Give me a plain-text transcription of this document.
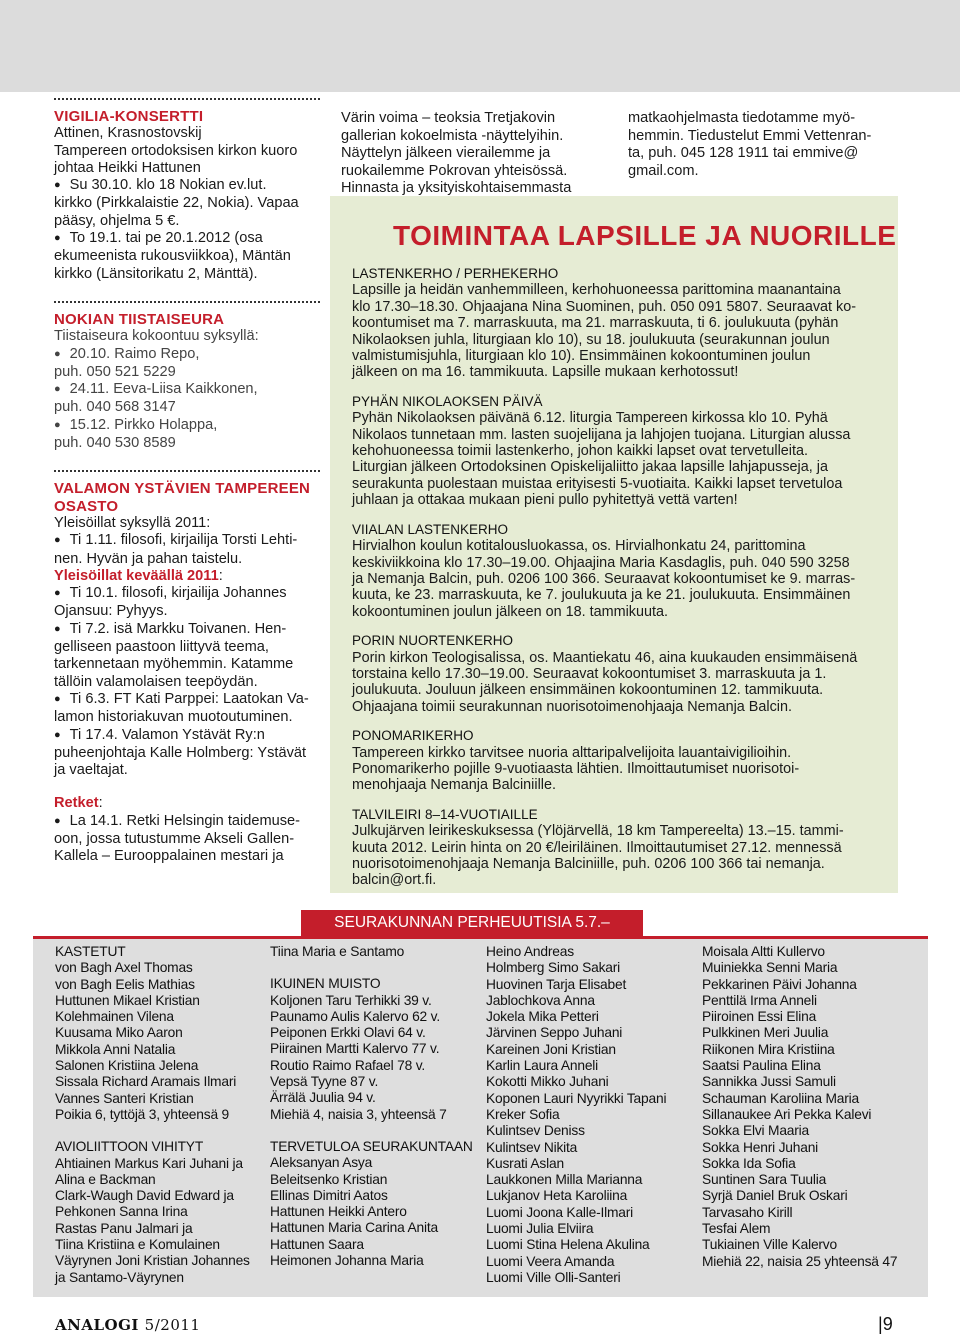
VIGILIA-KONSERTTI

Attinen, Krasnostovskij
Tampereen ortodoksisen kirkon kuoro
johtaa Heikki Hattunen

● Su 30.10. klo 18 Nokian ev.lut.
kirkko (Pirkkalaistie 22, Nokia). Vapaa
pääsy, ohjelma 5 €.

● To 19.1. tai pe 20.1.2012 (osa
ekumeenista rukousviikkoa), Mäntän
kirkko (Länsitorikatu 2, Mänttä).

NOKIAN TIISTAISEURA

Tiistaiseura kokoontuu syksyllä:

● 20.10. Raimo Repo,
puh. 050 521 5229

● 24.11. Eeva-Liisa Kaikkonen,
puh. 040 568 3147

● 15.12. Pirkko Holappa,
puh. 040 530 8589

VALAMON YSTÄVIEN TAMPEREEN OSASTO

Yleisöillat syksyllä 2011:

● Ti 1.11. filosofi, kirjailija Torsti Lehti-
nen. Hyvän ja pahan taistelu.

Yleisöillat keväällä 2011:

● Ti 10.1. filosofi, kirjailija Johannes
Ojansuu: Pyhyys.

● Ti 7.2. isä Markku Toivanen. Hen-
gelliseen paastoon liittyvä teema,
tarkennetaan myöhemmin. Katamme
tällöin valamolaisen teepöydän.

● Ti 6.3. FT Kati Parppei: Laatokan Va-
lamon historiakuvan muotoutuminen.

● Ti 17.4. Valamon Ystävät Ry:n
puheenjohtaja Kalle Holmberg: Ystävät
ja vaeltajat.

Retket:

● La 14.1. Retki Helsingin taidemuse-
oon, jossa tutustumme Akseli Gallen-
Kallela – Eurooppalainen mestari ja

Värin voima – teoksia Tretjakovin
gallerian kokoelmista -näyttelyihin.
Näyttelyn jälkeen vierailemme ja
ruokailemme Pokrovan yhteisössä.
Hinnasta ja yksityiskohtaisemmasta
matkaohjelmasta tiedotamme myö-
hemmin. Tiedustelut Emmi Vettenran-
ta, puh. 045 128 1911 tai emmive@
gmail.com.
TOIMINTAA LAPSILLE JA NUORILLE
LASTENKERHO / PERHEKERHO
Lapsille ja heidän vanhemmilleen, kerhohuoneessa parittomina maanantaina
klo 17.30–18.30. Ohjaajana Nina Suominen, puh. 050 091 5807. Seuraavat ko-
koontumiset ma 7. marraskuuta, ma 21. marraskuuta, ti 6. joulukuuta (pyhän
Nikolaoksen juhla, liturgiaan klo 10), su 18. joulukuuta (seurakunnan joulun
valmistumisjuhla, liturgiaan klo 10). Ensimmäinen kokoontuminen joulun
jälkeen on ma 16. tammikuuta. Lapsille mukaan kerhotossut!
PYHÄN NIKOLAOKSEN PÄIVÄ
Pyhän Nikolaoksen päivänä 6.12. liturgia Tampereen kirkossa klo 10. Pyhä
Nikolaos tunnetaan mm. lasten suojelijana ja lahjojen tuojana. Liturgian alussa
kehohuoneessa toimii lastenkerho, johon kaikki lapset ovat tervetulleita.
Liturgian jälkeen Ortodoksinen Opiskelijaliitto jakaa lapsille lahjapusseja, ja
seurakunta puolestaan muistaa erityisesti 5-vuotiaita. Kaikki lapset tervetuloa
juhlaan ja ottakaa mukaan pieni pullo pyhitettyä vettä varten!
VIIALAN LASTENKERHO
Hirvialhon koulun kotitalousluokassa, os. Hirvialhonkatu 24, parittomina
keskiviikkoina klo 17.30–19.00. Ohjaajina Maria Kasdaglis, puh. 040 590 3258
ja Nemanja Balcin, puh. 0206 100 366. Seuraavat kokoontumiset ke 9. marras-
kuuta, ke 23. marraskuuta, ke 7. joulukuuta ja ke 21. joulukuuta. Ensimmäinen
kokoontuminen joulun jälkeen on 18. tammikuuta.
PORIN NUORTENKERHO
Porin kirkon Teologisalissa, os. Maantiekatu 46, aina kuukauden ensimmäisenä
torstaina kello 17.30–19.00. Seuraavat kokoontumiset 3. marraskuuta ja 1.
joulukuuta. Jouluun jälkeen ensimmäinen kokoontuminen 12. tammikuuta.
Ohjaajana toimii seurakunnan nuorisotoimenohjaaja Nemanja Balcin.
PONOMARIKERHO
Tampereen kirkko tarvitsee nuoria alttaripalvelijoita lauantaivigilioihin.
Ponomarikerho pojille 9-vuotiaasta lähtien. Ilmoittautumiset nuorisotoi-
menohjaaja Nemanja Balciniille.
TALVILEIRI 8–14-VUOTIAILLE
Julkujärven leirikeskuksessa (Ylöjärvellä, 18 km Tampereelta) 13.–15. tammi-
kuuta 2012. Leirin hinta on 20 €/leiriläinen. Ilmoittautumiset 27.12. mennessä
nuorisotoimenohjaaja Nemanja Balciniille, puh. 0206 100 366 tai nemanja.
balcin@ort.fi.
SEURAKUNNAN PERHEUUTISIA 5.7.–
KASTETUT
von Bagh Axel Thomas
von Bagh Eelis Mathias
Huttunen Mikael Kristian
Kolehmainen Vilena
Kuusama Miko Aaron
Mikkola Anni Natalia
Salonen Kristiina Jelena
Sissala Richard Aramais Ilmari
Vannes Santeri Kristian
Poikia 6, tyttöjä 3, yhteensä 9
AVIOLIITTOON VIHITYT
Ahtiainen Markus Kari Juhani ja
Alina e Backman
Clark-Waugh David Edward ja
Pehkonen Sanna Irina
Rastas Panu Jalmari ja
Tiina Kristiina e Komulainen
Väyrynen Joni Kristian Johannes
ja Santamo-Väyrynen
Tiina Maria e Santamo
IKUINEN MUISTO
Koljonen Taru Terhikki 39 v.
Paunamo Aulis Kalervo 62 v.
Peiponen Erkki Olavi 64 v.
Piirainen Martti Kalervo 77 v.
Routio Raimo Rafael 78 v.
Vepsä Tyyne 87 v.
Ärrälä Juulia 94 v.
Miehiä 4, naisia 3, yhteensä 7
TERVETULOA SEURAKUNTAAN
Aleksanyan Asya
Beleitsenko Kristian
Ellinas Dimitri Aatos
Hattunen Heikki Antero
Hattunen Maria Carina Anita
Hattunen Saara
Heimonen Johanna Maria
Heino Andreas
Holmberg Simo Sakari
Huovinen Tarja Elisabet
Jablochkova Anna
Jokela Mika Petteri
Järvinen Seppo Juhani
Kareinen Joni Kristian
Karlin Laura Anneli
Kokotti Mikko Juhani
Koponen Lauri Nyyrikki Tapani
Kreker Sofia
Kulintsev Deniss
Kulintsev Nikita
Kusrati Aslan
Laukkonen Milla Marianna
Lukjanov Heta Karoliina
Luomi Joona Kalle-Ilmari
Luomi Julia Elviira
Luomi Stina Helena Akulina
Luomi Veera Amanda
Luomi Ville Olli-Santeri
Moisala Altti Kullervo
Muiniekka Senni Maria
Pekkarinen Päivi Johanna
Penttilä Irma Anneli
Piiroinen Essi Elina
Pulkkinen Meri Juulia
Riikonen Mira Kristiina
Saatsi Paulina Elina
Sannikka Jussi Samuli
Schauman Karoliina Maria
Sillanaukee Ari Pekka Kalevi
Sokka Elvi Maaria
Sokka Henri Juhani
Sokka Ida Sofia
Suntinen Sara Tuulia
Syrjä Daniel Bruk Oskari
Tarvasaho Kirill
Tesfai Alem
Tukiainen Ville Kalervo
Miehiä 22, naisia 25 yhteensä 47
ANALOGI 5/2011	|9
